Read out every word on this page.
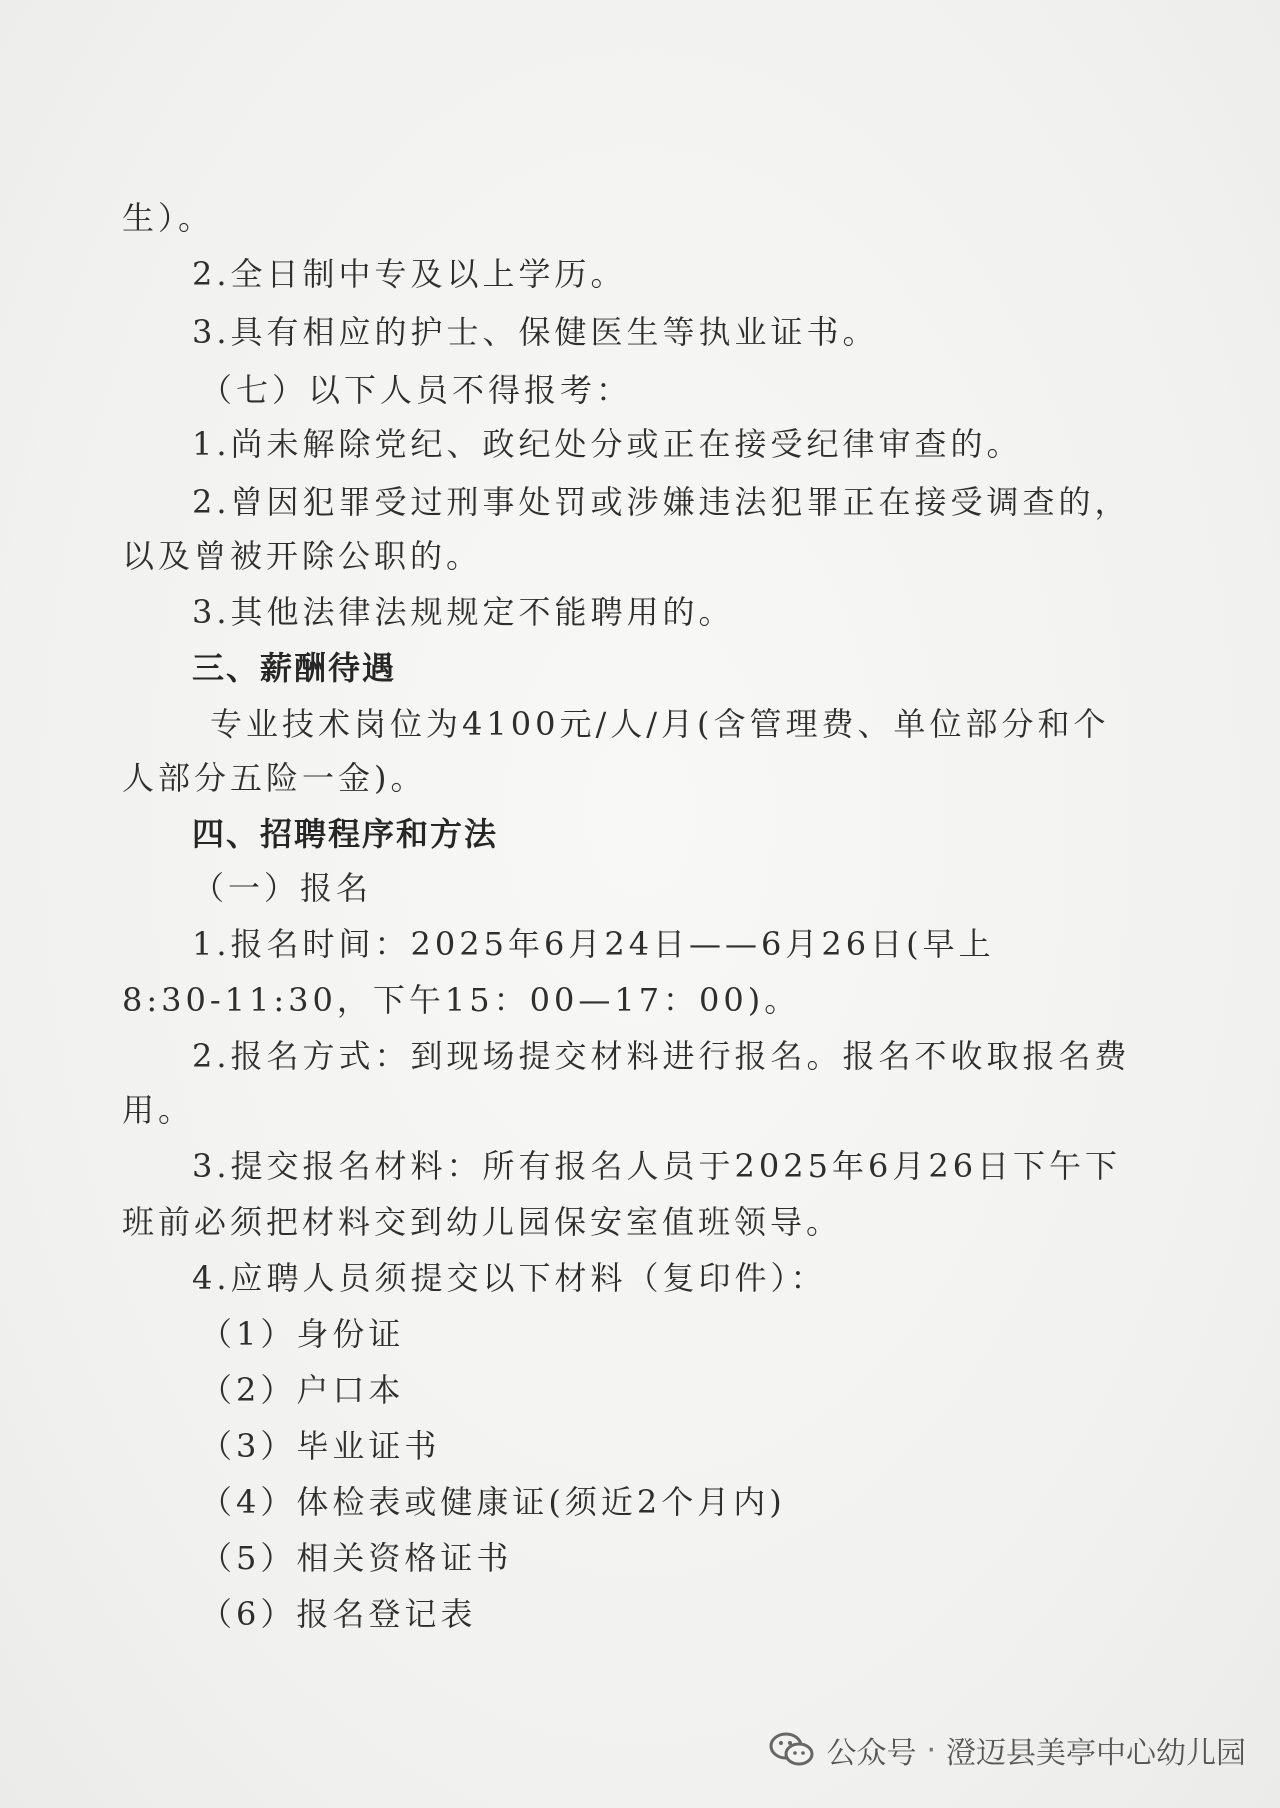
生）。
2.全日制中专及以上学历。
3.具有相应的护士、保健医生等执业证书。
（七）以下人员不得报考：
1.尚未解除党纪、政纪处分或正在接受纪律审查的。
2.曾因犯罪受过刑事处罚或涉嫌违法犯罪正在接受调查的，
以及曾被开除公职的。
3.其他法律法规规定不能聘用的。
三、薪酬待遇
专业技术岗位为4100元/人/月(含管理费、单位部分和个
人部分五险一金)。
四、招聘程序和方法
（一）报名
1.报名时间：2025年6月24日——6月26日(早上
8:30-11:30，下午15：00—17：00)。
2.报名方式：到现场提交材料进行报名。报名不收取报名费
用。
3.提交报名材料：所有报名人员于2025年6月26日下午下
班前必须把材料交到幼儿园保安室值班领导。
4.应聘人员须提交以下材料（复印件）：
（1）身份证
（2）户口本
（3）毕业证书
（4）体检表或健康证(须近2个月内)
（5）相关资格证书
（6）报名登记表
公众号 · 澄迈县美亭中心幼儿园
